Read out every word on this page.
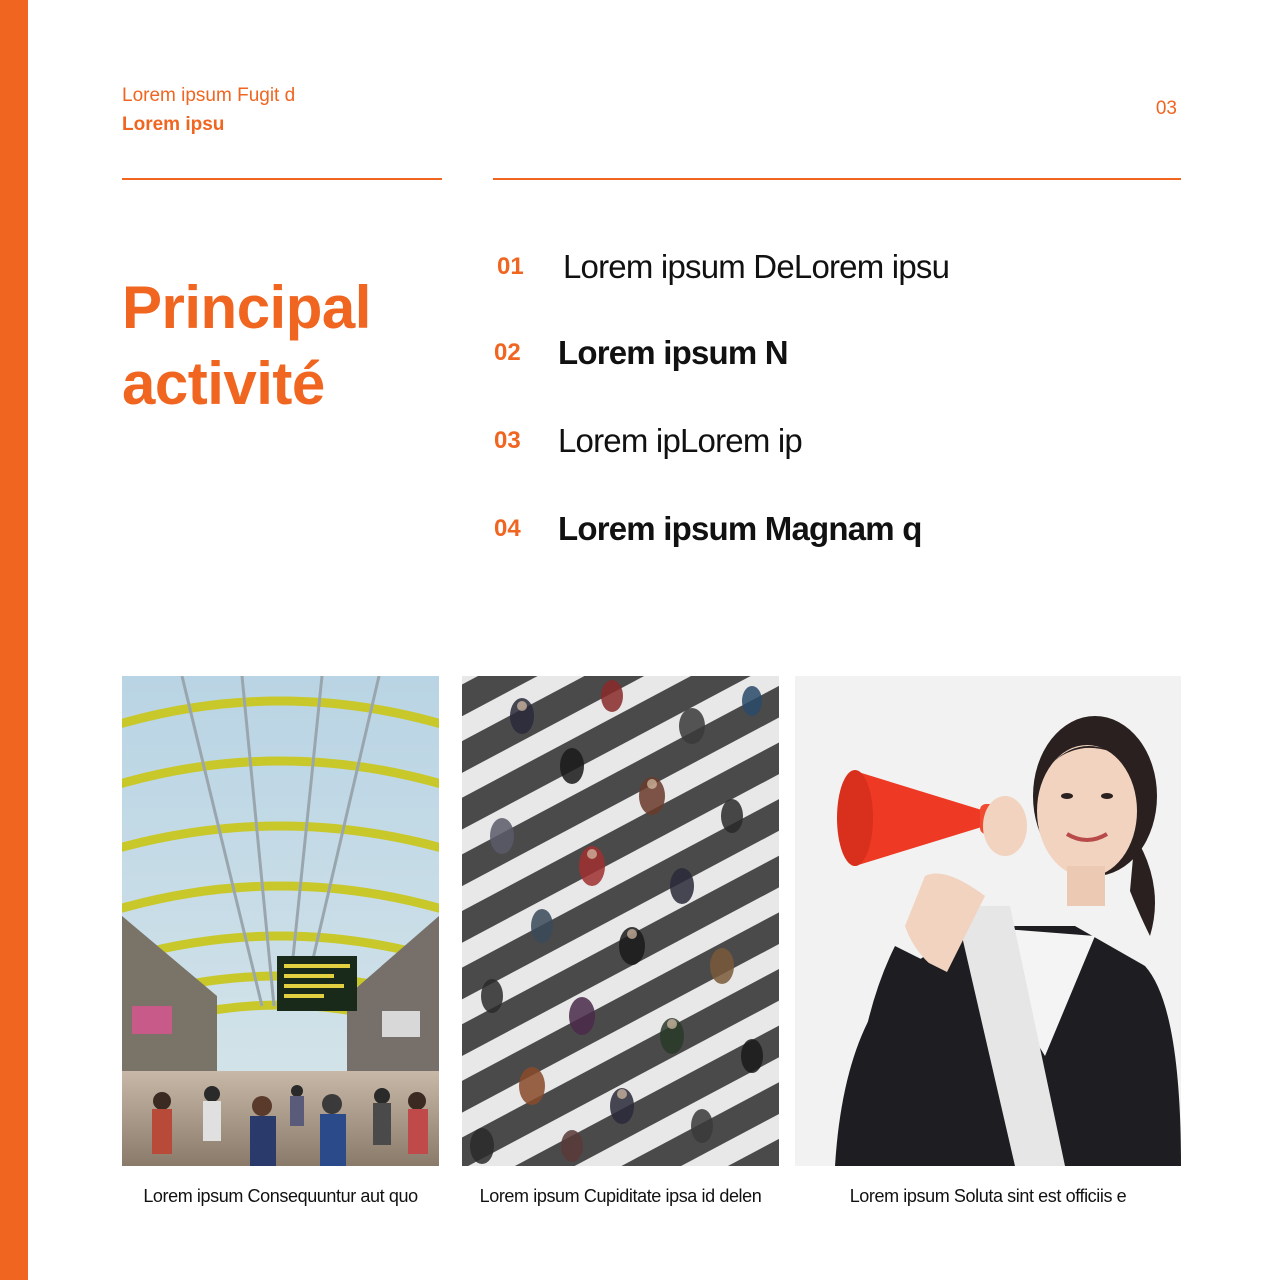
Lorem ipsum Fugit d
Lorem ipsu
03
Principal
activité
01	Lorem ipsum DeLorem ipsu
02	Lorem ipsum N
03	Lorem ipLorem ip
04	Lorem ipsum Magnam q
Lorem ipsum Consequuntur aut quo	Lorem ipsum Cupiditate ipsa id delen	Lorem ipsum Soluta sint est officiis e
